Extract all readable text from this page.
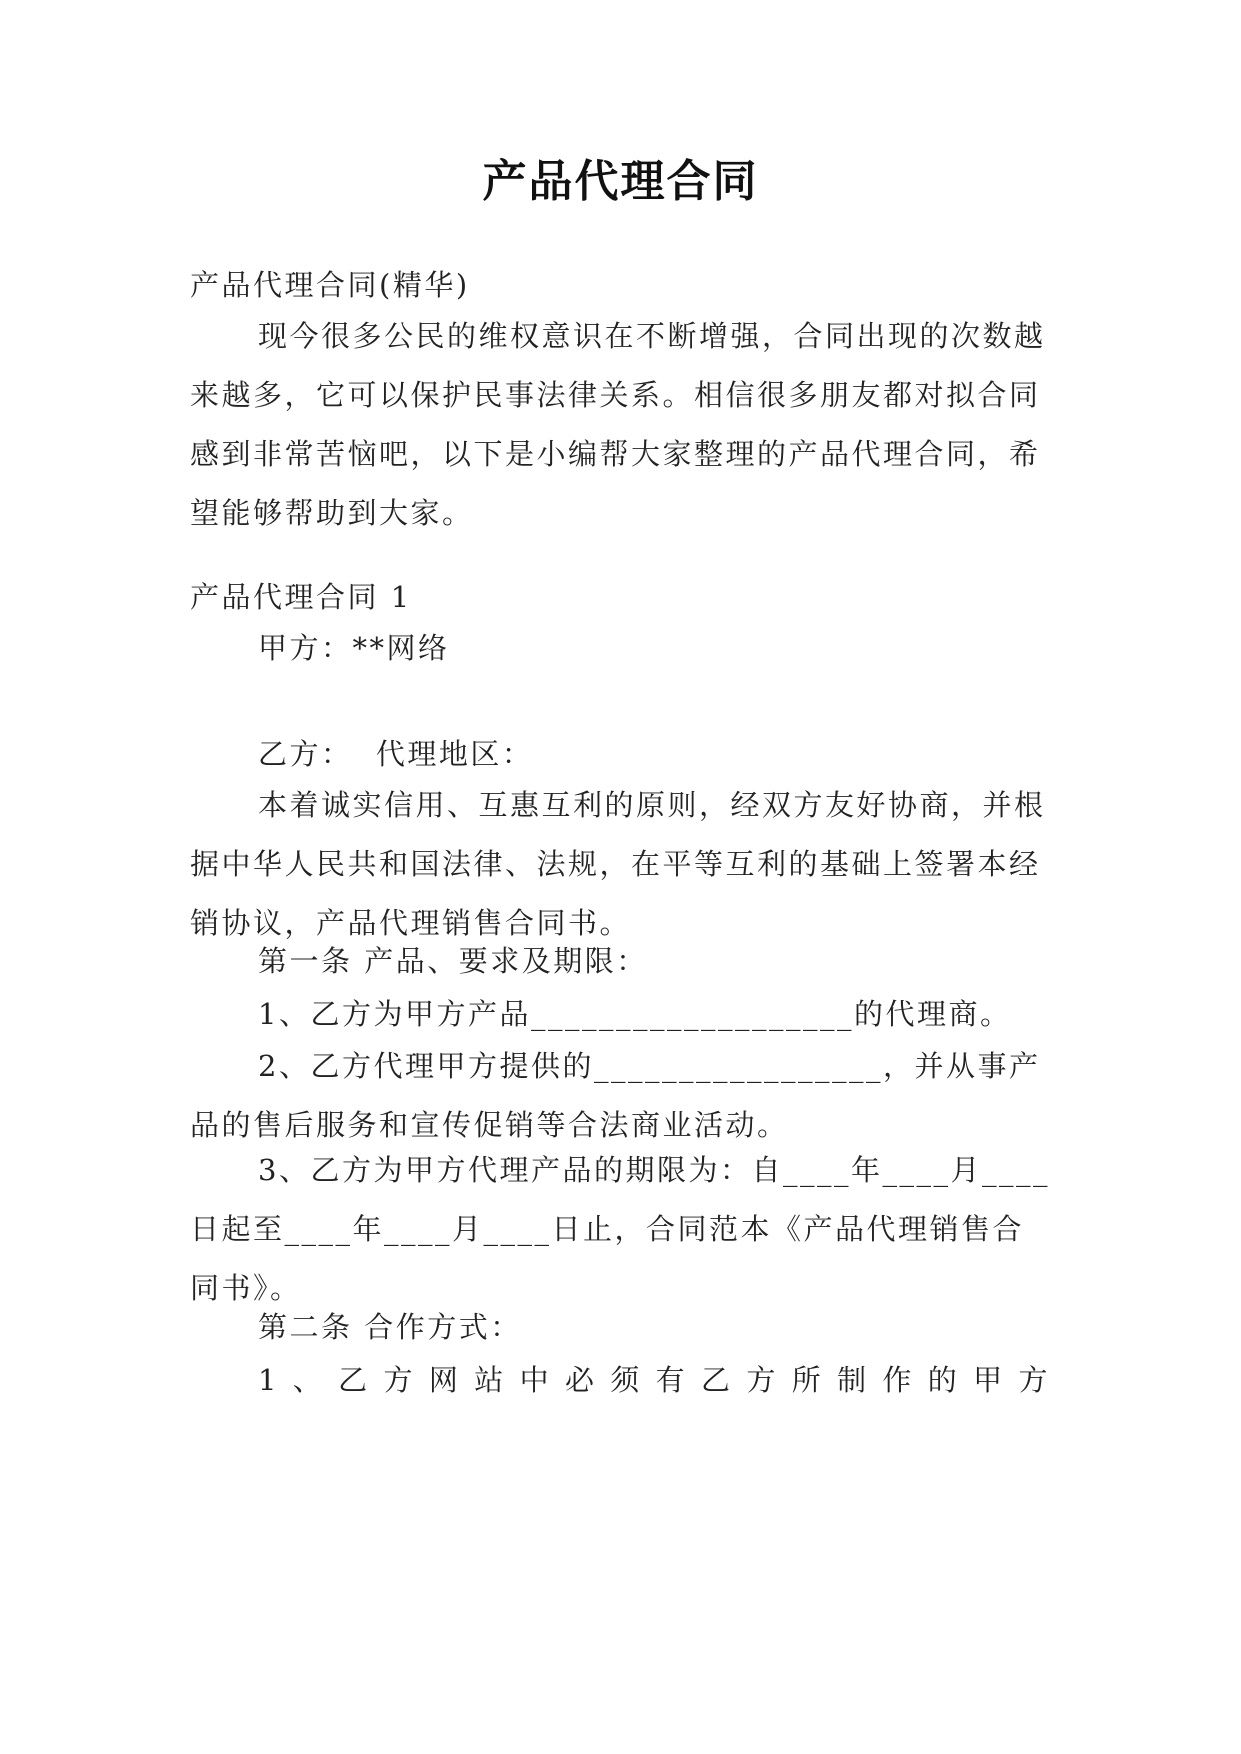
产品代理合同
产品代理合同(精华)
现今很多公民的维权意识在不断增强，合同出现的次数越来越多，它可以保护民事法律关系。相信很多朋友都对拟合同感到非常苦恼吧，以下是小编帮大家整理的产品代理合同，希望能够帮助到大家。
产品代理合同 1
甲方：**网络
乙方：  代理地区：
本着诚实信用、互惠互利的原则，经双方友好协商，并根据中华人民共和国法律、法规，在平等互利的基础上签署本经销协议，产品代理销售合同书。
第一条 产品、要求及期限：
1、乙方为甲方产品___________________的代理商。
2、乙方代理甲方提供的_________________，并从事产品的售后服务和宣传促销等合法商业活动。
3、乙方为甲方代理产品的期限为：自____年____月____日起至____年____月____日止，合同范本《产品代理销售合同书》。
第二条 合作方式：
1、乙方网站中必须有乙方所制作的甲方
